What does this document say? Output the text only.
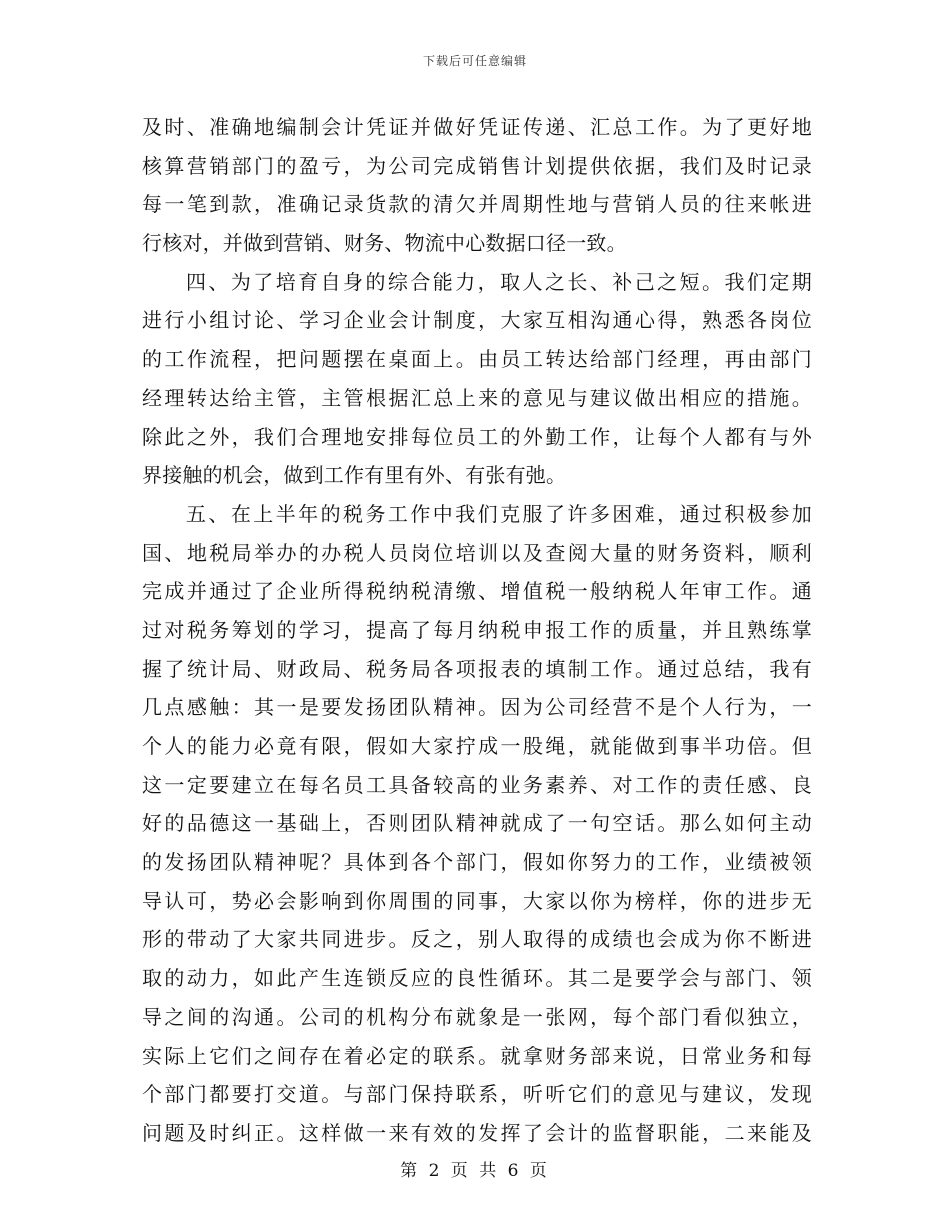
下载后可任意编辑
及时、准确地编制会计凭证并做好凭证传递、汇总工作。为了更好地
核算营销部门的盈亏，为公司完成销售计划提供依据，我们及时记录
每一笔到款，准确记录货款的清欠并周期性地与营销人员的往来帐进
行核对，并做到营销、财务、物流中心数据口径一致。
四、为了培育自身的综合能力，取人之长、补己之短。我们定期
进行小组讨论、学习企业会计制度，大家互相沟通心得，熟悉各岗位
的工作流程，把问题摆在桌面上。由员工转达给部门经理，再由部门
经理转达给主管，主管根据汇总上来的意见与建议做出相应的措施。
除此之外，我们合理地安排每位员工的外勤工作，让每个人都有与外
界接触的机会，做到工作有里有外、有张有弛。
五、在上半年的税务工作中我们克服了许多困难，通过积极参加
国、地税局举办的办税人员岗位培训以及查阅大量的财务资料，顺利
完成并通过了企业所得税纳税清缴、增值税一般纳税人年审工作。通
过对税务筹划的学习，提高了每月纳税申报工作的质量，并且熟练掌
握了统计局、财政局、税务局各项报表的填制工作。通过总结，我有
几点感触：其一是要发扬团队精神。因为公司经营不是个人行为，一
个人的能力必竟有限，假如大家拧成一股绳，就能做到事半功倍。但
这一定要建立在每名员工具备较高的业务素养、对工作的责任感、良
好的品德这一基础上，否则团队精神就成了一句空话。那么如何主动
的发扬团队精神呢？具体到各个部门，假如你努力的工作，业绩被领
导认可，势必会影响到你周围的同事，大家以你为榜样，你的进步无
形的带动了大家共同进步。反之，别人取得的成绩也会成为你不断进
取的动力，如此产生连锁反应的良性循环。其二是要学会与部门、领
导之间的沟通。公司的机构分布就象是一张网，每个部门看似独立，
实际上它们之间存在着必定的联系。就拿财务部来说，日常业务和每
个部门都要打交道。与部门保持联系，听听它们的意见与建议，发现
问题及时纠正。这样做一来有效的发挥了会计的监督职能，二来能及
第 2 页 共 6 页
